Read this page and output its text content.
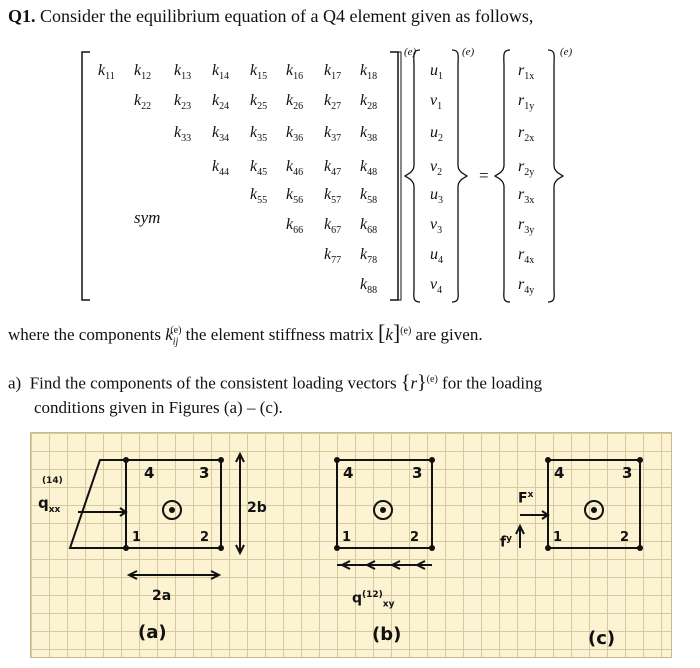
Q1. Consider the equilibrium equation of a Q4 element given as follows,
$k_{11}$ $k_{12}$ $k_{13}$ $k_{14}$ $k_{15}$ $k_{16}$ $k_{17}$ $k_{18}$
$k_{22}$ $k_{23}$ $k_{24}$ $k_{25}$ $k_{26}$ $k_{27}$ $k_{28}$
$k_{33}$ $k_{34}$ $k_{35}$ $k_{36}$ $k_{37}$ $k_{38}$
$k_{44}$ $k_{45}$ $k_{46}$ $k_{47}$ $k_{48}$
$k_{55}$ $k_{56}$ $k_{57}$ $k_{58}$
$k_{66}$ $k_{67}$ $k_{68}$
$k_{77}$ $k_{78}$
$k_{88}$
$u_1$
$v_1$
$u_2$
$v_2$
$u_3$
$v_3$
$u_4$
$v_4$
$r_{1x}$
$r_{1y}$
$r_{2x}$
$r_{2y}$
$r_{3x}$
$r_{3y}$
$r_{4x}$
$r_{4y}$
sym
(e)	(e)	(e)
=
where the components $k_{ij}^{(e)}$ the element stiffness matrix $[k]^{(e)}$ are given.
a) Find the components of the consistent loading vectors $\{r\}^{(e)}$ for the loading
conditions given in Figures (a) – (c).
4	3
1	2
$q_{xx}$
(14)
2b
2a
(a)
4	3
1	2
$q^{(12)}_{xy}$
(b)
4	3
1	2
$F^x$
$f^y$
(c)
